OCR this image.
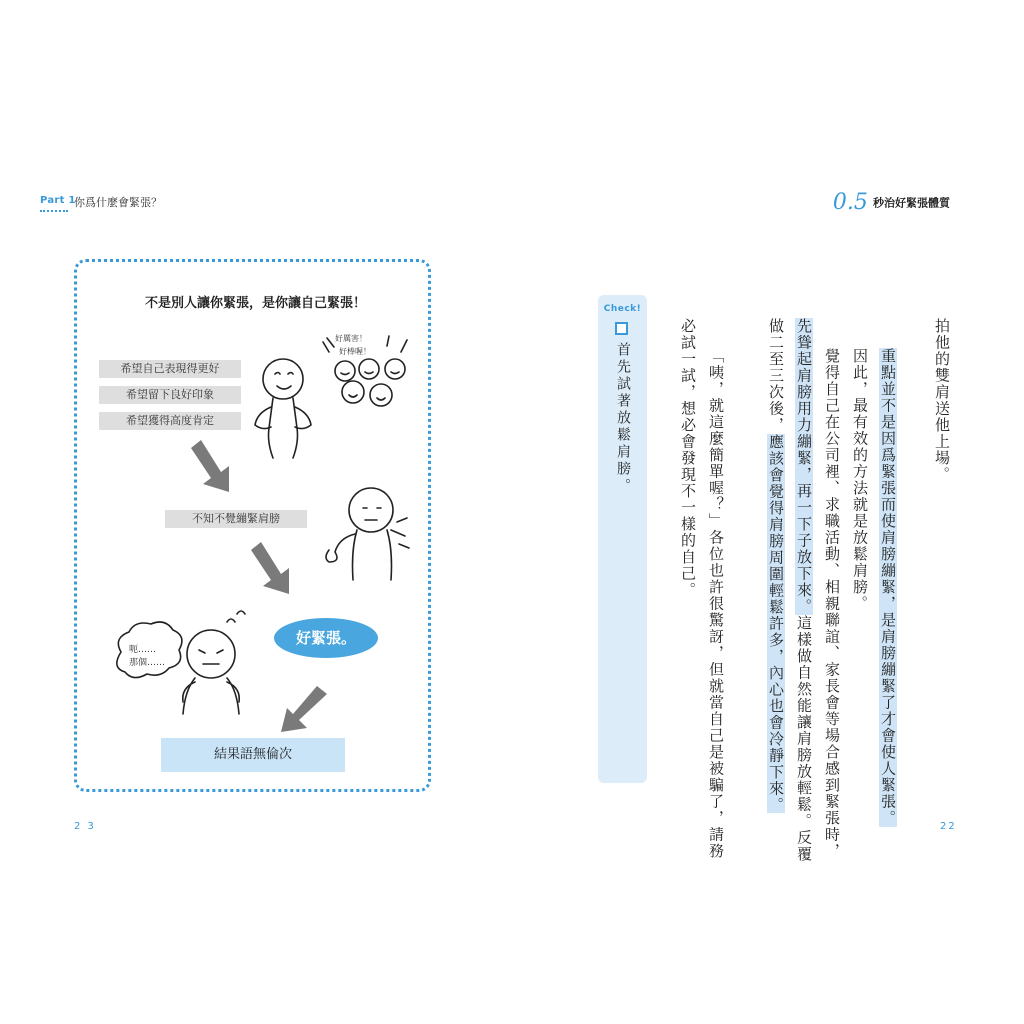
Part 1
你爲什麼會緊張？	0.5 秒治好緊張體質
不是別人讓你緊張，是你讓自己緊張！
希望自己表現得更好
希望留下良好印象
希望獲得高度肯定
好厲害！
好棒喔！
不知不覺繃緊肩膀
好緊張。
呃……
那個……
結果語無倫次
Check!
首先試著放鬆肩膀。	拍他的雙肩送他上場。
重點並不是因爲緊張而使肩膀繃緊，是肩膀繃緊了才會使人緊張。
因此，最有效的方法就是放鬆肩膀。
覺得自己在公司裡、求職活動、相親聯誼、家長會等場合感到緊張時，
先聳起肩膀用力繃緊，再一下子放下來。這樣做自然能讓肩膀放輕鬆。反覆
做二至三次後，應該會覺得肩膀周圍輕鬆許多，內心也會冷靜下來。
「咦，就這麼簡單喔？」各位也許很驚訝，但就當自己是被騙了，請務
必試一試，想必會發現不一樣的自己。
2 3	22
